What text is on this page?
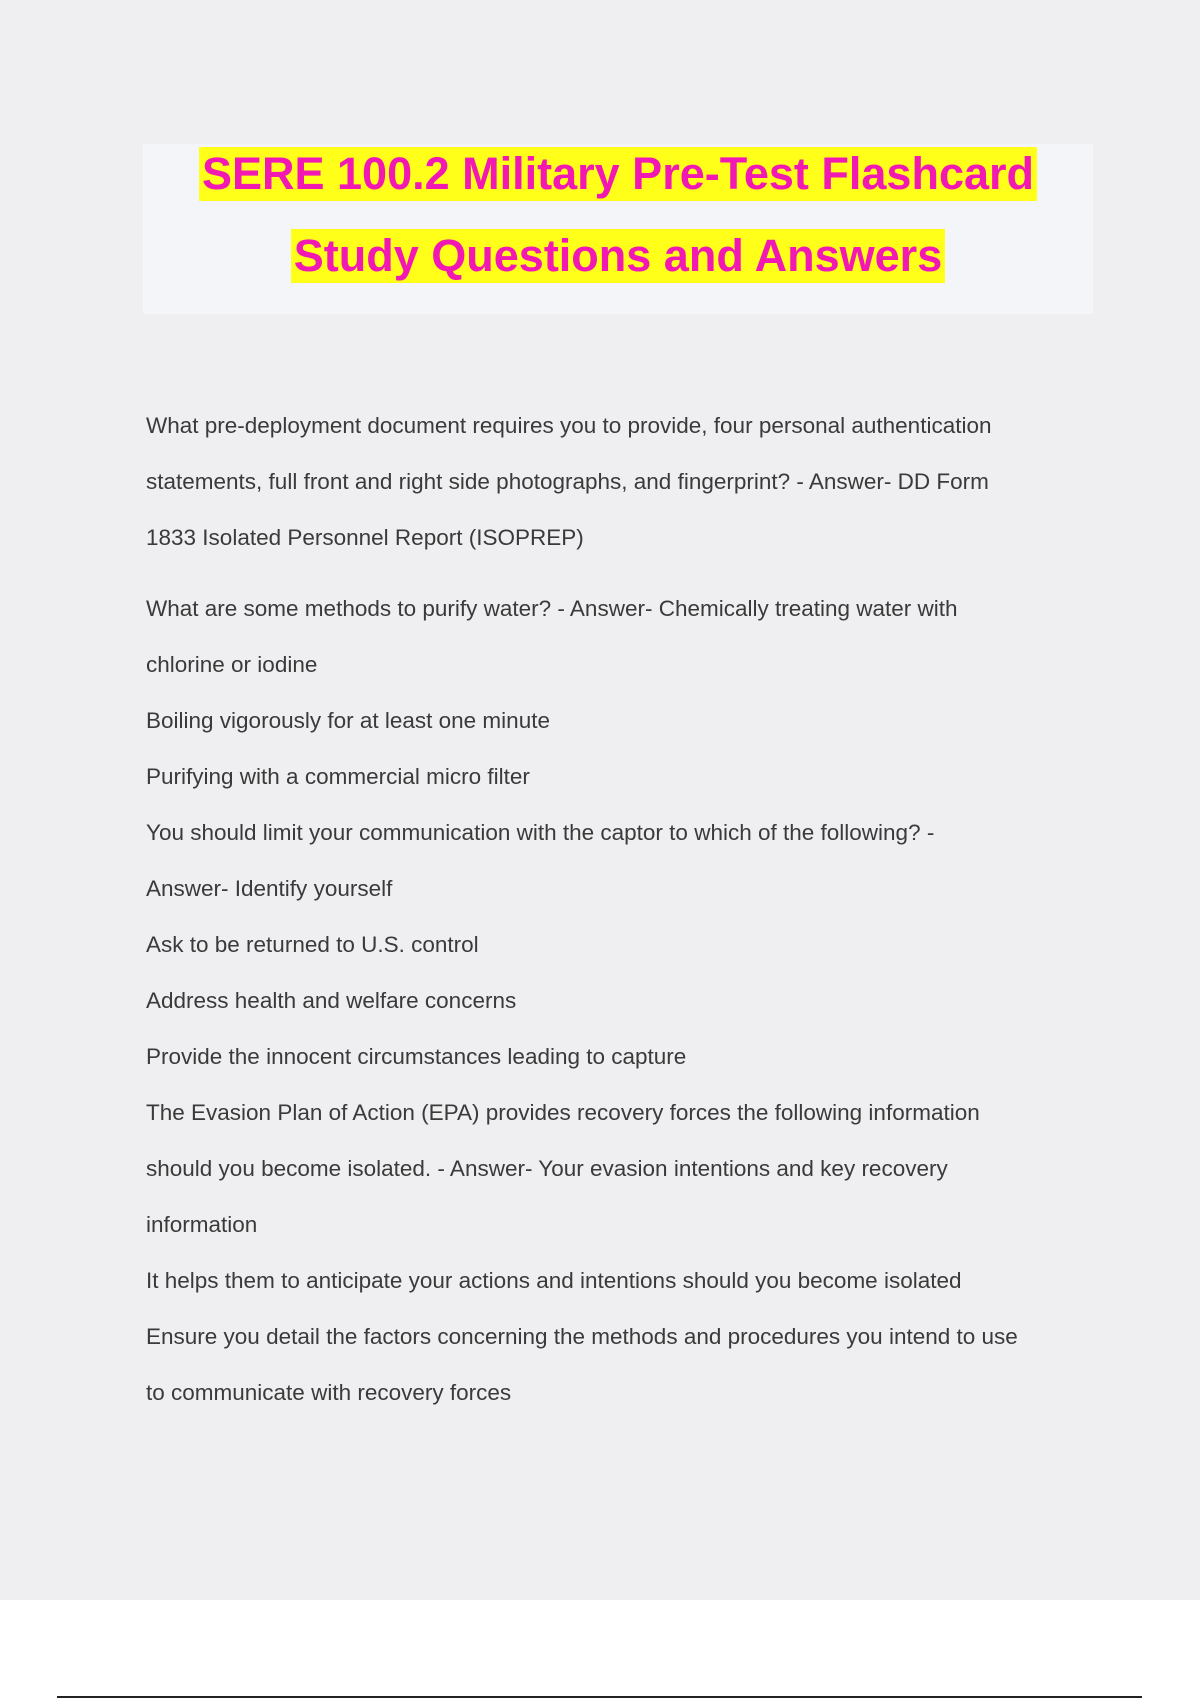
SERE 100.2 Military Pre-Test Flashcard
Study Questions and Answers
What pre-deployment document requires you to provide, four personal authentication
statements, full front and right side photographs, and fingerprint? - Answer- DD Form
1833 Isolated Personnel Report (ISOPREP)
What are some methods to purify water? - Answer- Chemically treating water with
chlorine or iodine
Boiling vigorously for at least one minute
Purifying with a commercial micro filter
You should limit your communication with the captor to which of the following? -
Answer- Identify yourself
Ask to be returned to U.S. control
Address health and welfare concerns
Provide the innocent circumstances leading to capture
The Evasion Plan of Action (EPA) provides recovery forces the following information
should you become isolated. - Answer- Your evasion intentions and key recovery
information
It helps them to anticipate your actions and intentions should you become isolated
Ensure you detail the factors concerning the methods and procedures you intend to use
to communicate with recovery forces
